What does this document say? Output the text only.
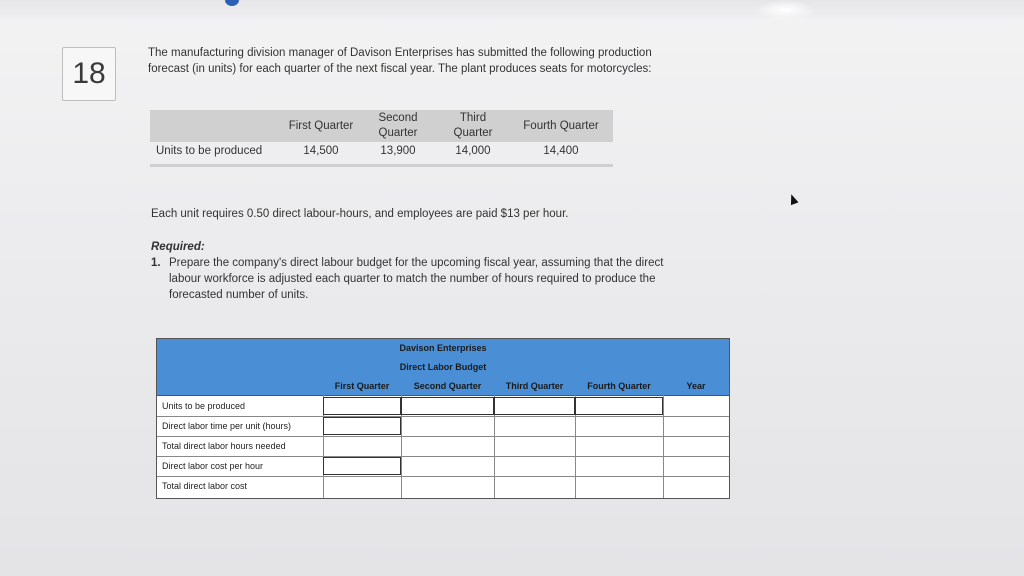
18
The manufacturing division manager of Davison Enterprises has submitted the following production forecast (in units) for each quarter of the next fiscal year. The plant produces seats for motorcycles:
	First Quarter	Second Quarter	Third Quarter	Fourth Quarter
Units to be produced	14,500	13,900	14,000	14,400
Each unit requires 0.50 direct labour-hours, and employees are paid $13 per hour.
Required:
1. Prepare the company's direct labour budget for the upcoming fiscal year, assuming that the direct labour workforce is adjusted each quarter to match the number of hours required to produce the forecasted number of units.
Davison Enterprises
Direct Labor Budget
First Quarter	Second Quarter	Third Quarter	Fourth Quarter	Year
Units to be produced
Direct labor time per unit (hours)
Total direct labor hours needed
Direct labor cost per hour
Total direct labor cost
